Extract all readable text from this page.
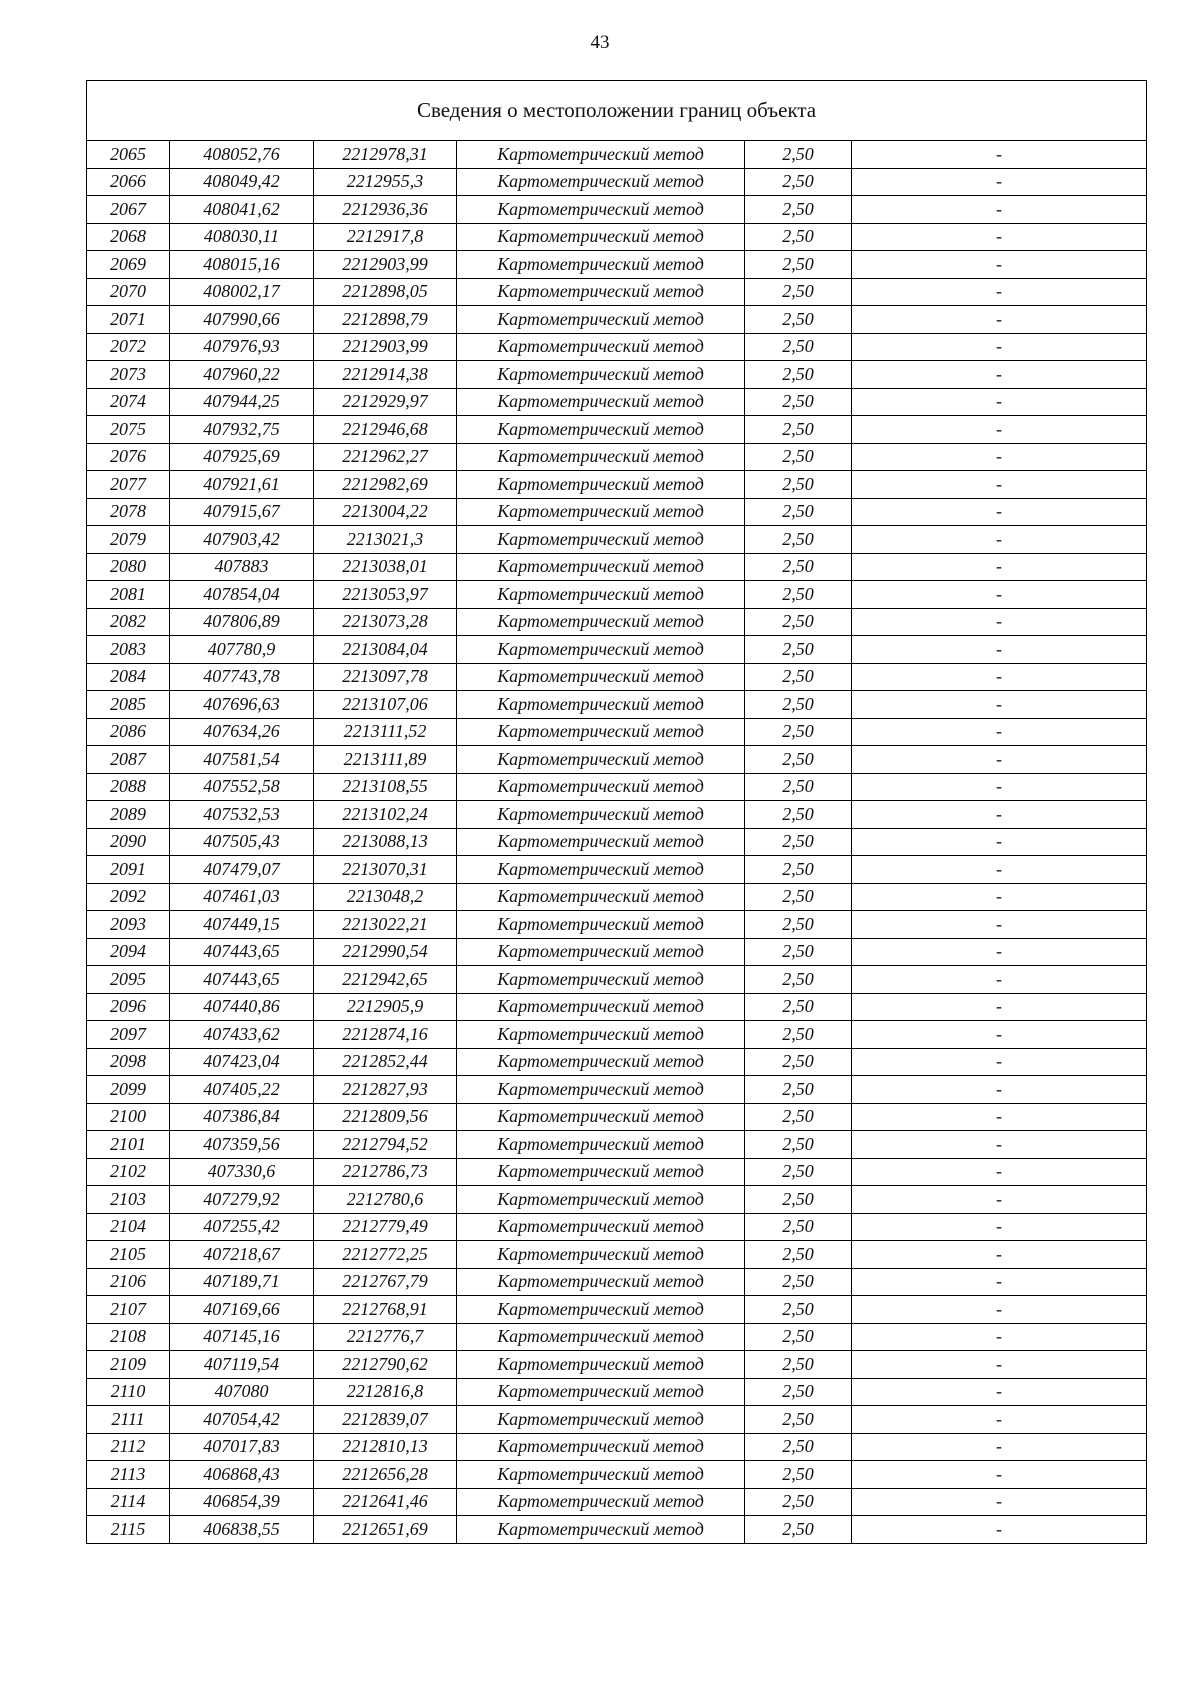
43
Сведения о местоположении границ объекта					
2065	408052,76	2212978,31	Картометрический метод	2,50	-
2066	408049,42	2212955,3	Картометрический метод	2,50	-
2067	408041,62	2212936,36	Картометрический метод	2,50	-
2068	408030,11	2212917,8	Картометрический метод	2,50	-
2069	408015,16	2212903,99	Картометрический метод	2,50	-
2070	408002,17	2212898,05	Картометрический метод	2,50	-
2071	407990,66	2212898,79	Картометрический метод	2,50	-
2072	407976,93	2212903,99	Картометрический метод	2,50	-
2073	407960,22	2212914,38	Картометрический метод	2,50	-
2074	407944,25	2212929,97	Картометрический метод	2,50	-
2075	407932,75	2212946,68	Картометрический метод	2,50	-
2076	407925,69	2212962,27	Картометрический метод	2,50	-
2077	407921,61	2212982,69	Картометрический метод	2,50	-
2078	407915,67	2213004,22	Картометрический метод	2,50	-
2079	407903,42	2213021,3	Картометрический метод	2,50	-
2080	407883	2213038,01	Картометрический метод	2,50	-
2081	407854,04	2213053,97	Картометрический метод	2,50	-
2082	407806,89	2213073,28	Картометрический метод	2,50	-
2083	407780,9	2213084,04	Картометрический метод	2,50	-
2084	407743,78	2213097,78	Картометрический метод	2,50	-
2085	407696,63	2213107,06	Картометрический метод	2,50	-
2086	407634,26	2213111,52	Картометрический метод	2,50	-
2087	407581,54	2213111,89	Картометрический метод	2,50	-
2088	407552,58	2213108,55	Картометрический метод	2,50	-
2089	407532,53	2213102,24	Картометрический метод	2,50	-
2090	407505,43	2213088,13	Картометрический метод	2,50	-
2091	407479,07	2213070,31	Картометрический метод	2,50	-
2092	407461,03	2213048,2	Картометрический метод	2,50	-
2093	407449,15	2213022,21	Картометрический метод	2,50	-
2094	407443,65	2212990,54	Картометрический метод	2,50	-
2095	407443,65	2212942,65	Картометрический метод	2,50	-
2096	407440,86	2212905,9	Картометрический метод	2,50	-
2097	407433,62	2212874,16	Картометрический метод	2,50	-
2098	407423,04	2212852,44	Картометрический метод	2,50	-
2099	407405,22	2212827,93	Картометрический метод	2,50	-
2100	407386,84	2212809,56	Картометрический метод	2,50	-
2101	407359,56	2212794,52	Картометрический метод	2,50	-
2102	407330,6	2212786,73	Картометрический метод	2,50	-
2103	407279,92	2212780,6	Картометрический метод	2,50	-
2104	407255,42	2212779,49	Картометрический метод	2,50	-
2105	407218,67	2212772,25	Картометрический метод	2,50	-
2106	407189,71	2212767,79	Картометрический метод	2,50	-
2107	407169,66	2212768,91	Картометрический метод	2,50	-
2108	407145,16	2212776,7	Картометрический метод	2,50	-
2109	407119,54	2212790,62	Картометрический метод	2,50	-
2110	407080	2212816,8	Картометрический метод	2,50	-
2111	407054,42	2212839,07	Картометрический метод	2,50	-
2112	407017,83	2212810,13	Картометрический метод	2,50	-
2113	406868,43	2212656,28	Картометрический метод	2,50	-
2114	406854,39	2212641,46	Картометрический метод	2,50	-
2115	406838,55	2212651,69	Картометрический метод	2,50	-
